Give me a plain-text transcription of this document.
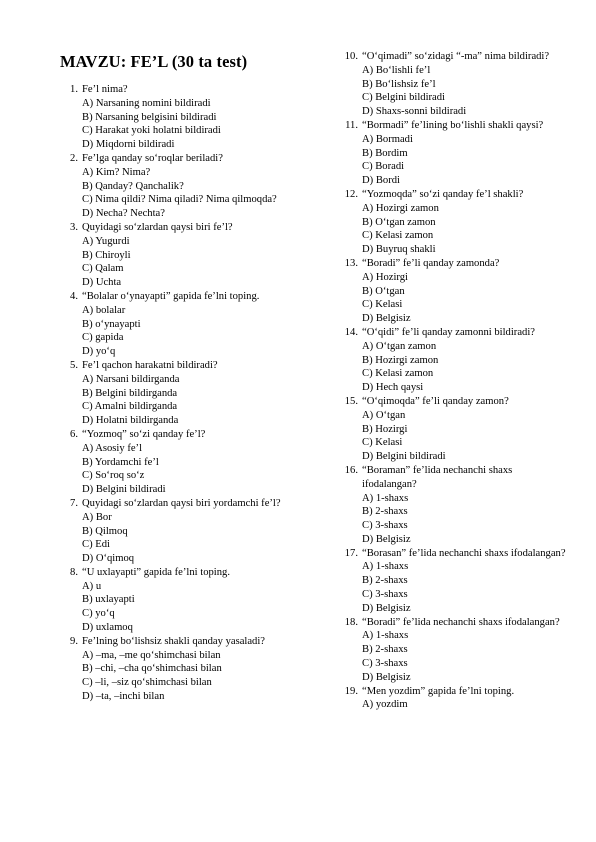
MAVZU: FE’L (30 ta test)
1 . Fe’l nima?
A) Narsaning nomini bildiradi
B) Narsaning belgisini bildiradi
C) Harakat yoki holatni bildiradi
D) Miqdorni bildiradi
2 . Fe’lga qanday so‘roqlar beriladi?
A) Kim? Nima?
B) Qanday? Qanchalik?
C) Nima qildi? Nima qiladi? Nima qilmoqda?
D) Necha? Nechta?
3 . Quyidagi so‘zlardan qaysi biri fe’l?
A) Yugurdi
B) Chiroyli
C) Qalam
D) Uchta
4 . “Bolalar o‘ynayapti” gapida fe’lni toping.
A) bolalar
B) o‘ynayapti
C) gapida
D) yo‘q
5 . Fe’l qachon harakatni bildiradi?
A) Narsani bildirganda
B) Belgini bildirganda
C) Amalni bildirganda
D) Holatni bildirganda
6 . “Yozmoq” so‘zi qanday fe’l?
A) Asosiy fe’l
B) Yordamchi fe’l
C) So‘roq so‘z
D) Belgini bildiradi
7 . Quyidagi so‘zlardan qaysi biri yordamchi fe’l?
A) Bor
B) Qilmoq
C) Edi
D) O‘qimoq
8 . “U uxlayapti” gapida fe’lni toping.
A) u
B) uxlayapti
C) yo‘q
D) uxlamoq
9 . Fe’lning bo‘lishsiz shakli qanday yasaladi?
A) –ma, –me qo‘shimchasi bilan
B) –chi, –cha qo‘shimchasi bilan
C) –li, –siz qo‘shimchasi bilan
D) –ta, –inchi bilan
10 . “O‘qimadi” so‘zidagi “-ma” nima bildiradi?
A) Bo‘lishli fe’l
B) Bo‘lishsiz fe’l
C) Belgini bildiradi
D) Shaxs-sonni bildiradi
11 . “Bormadi” fe’lining bo‘lishli shakli qaysi?
A) Bormadi
B) Bordim
C) Boradi
D) Bordi
12 . “Yozmoqda” so‘zi qanday fe’l shakli?
A) Hozirgi zamon
B) O‘tgan zamon
C) Kelasi zamon
D) Buyruq shakli
13 . “Boradi” fe’li qanday zamonda?
A) Hozirgi
B) O‘tgan
C) Kelasi
D) Belgisiz
14 . “O‘qidi” fe’li qanday zamonni bildiradi?
A) O‘tgan zamon
B) Hozirgi zamon
C) Kelasi zamon
D) Hech qaysi
15 . “O‘qimoqda” fe’li qanday zamon?
A) O‘tgan
B) Hozirgi
C) Kelasi
D) Belgini bildiradi
16 . “Boraman” fe’lida nechanchi shaxs ifodalangan?
A) 1-shaxs
B) 2-shaxs
C) 3-shaxs
D) Belgisiz
17 . “Borasan” fe’lida nechanchi shaxs ifodalangan?
A) 1-shaxs
B) 2-shaxs
C) 3-shaxs
D) Belgisiz
18 . “Boradi” fe’lida nechanchi shaxs ifodalangan?
A) 1-shaxs
B) 2-shaxs
C) 3-shaxs
D) Belgisiz
19 . “Men yozdim” gapida fe’lni toping.
A) yozdim
